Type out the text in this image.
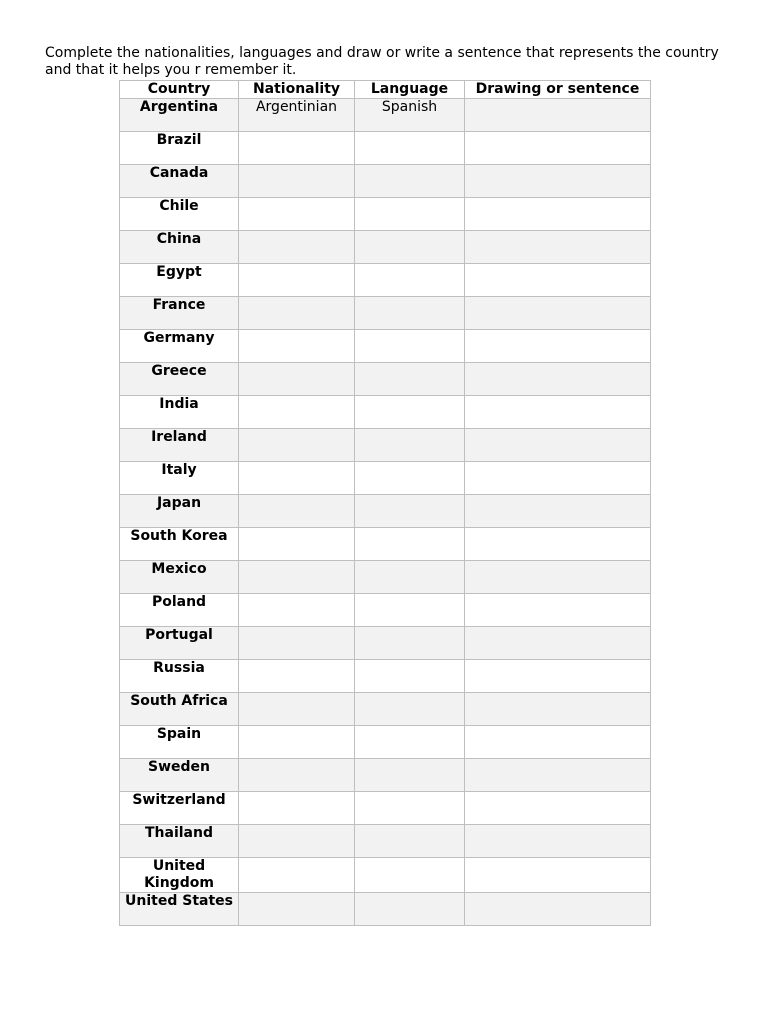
Complete the nationalities, languages and draw or write a sentence that represents the country and that it helps you r remember it.
Country	Nationality	Language	Drawing or sentence
Argentina	Argentinian	Spanish	
Brazil			
Canada			
Chile			
China			
Egypt			
France			
Germany			
Greece			
India			
Ireland			
Italy			
Japan			
South Korea			
Mexico			
Poland			
Portugal			
Russia			
South Africa			
Spain			
Sweden			
Switzerland			
Thailand			
United Kingdom			
United States			
